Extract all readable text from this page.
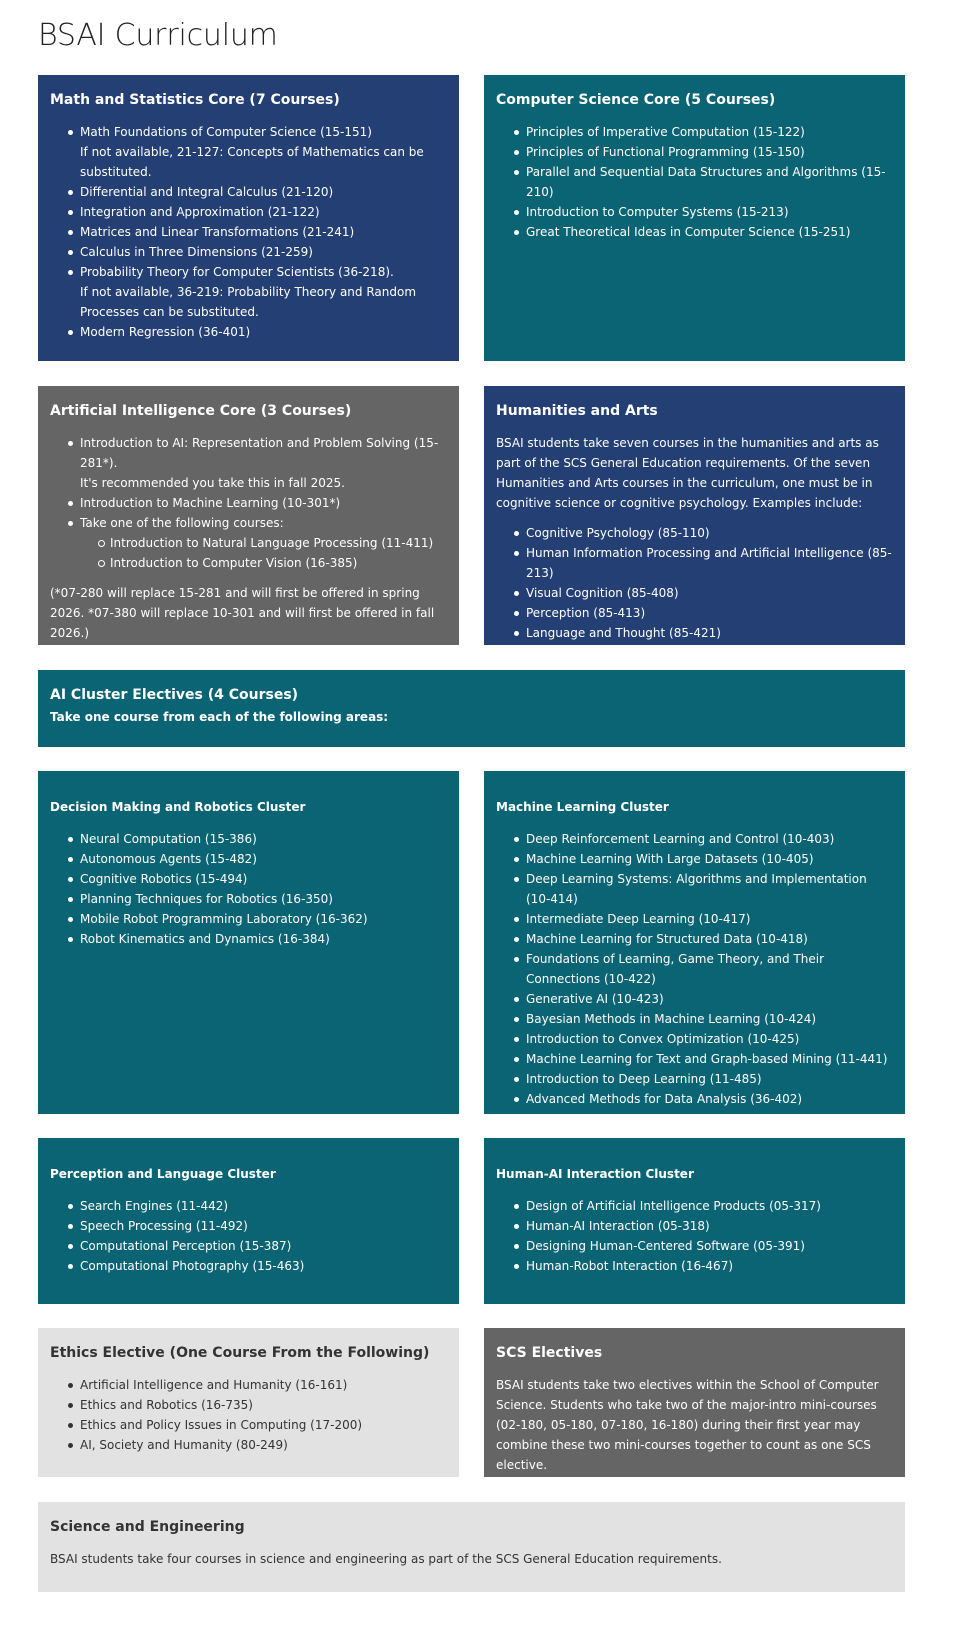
BSAI Curriculum
Math and Statistics Core (7 Courses)
Math Foundations of Computer Science (15-151)
If not available, 21-127: Concepts of Mathematics can be substituted.
Differential and Integral Calculus (21-120)
Integration and Approximation (21-122)
Matrices and Linear Transformations (21-241)
Calculus in Three Dimensions (21-259)
Probability Theory for Computer Scientists (36-218).
If not available, 36-219: Probability Theory and Random Processes can be substituted.
Modern Regression (36-401)
Computer Science Core (5 Courses)
Principles of Imperative Computation (15-122)
Principles of Functional Programming (15-150)
Parallel and Sequential Data Structures and Algorithms (15-210)
Introduction to Computer Systems (15-213)
Great Theoretical Ideas in Computer Science (15-251)
Artificial Intelligence Core (3 Courses)
Introduction to AI: Representation and Problem Solving (15-281*).
It's recommended you take this in fall 2025.
Introduction to Machine Learning (10-301*)
Take one of the following courses:
Introduction to Natural Language Processing (11-411)
Introduction to Computer Vision (16-385)

(*07-280 will replace 15-281 and will first be offered in spring 2026. *07-380 will replace 10-301 and will first be offered in fall 2026.)

Humanities and Arts

BSAI students take seven courses in the humanities and arts as part of the SCS General Education requirements. Of the seven Humanities and Arts courses in the curriculum, one must be in cognitive science or cognitive psychology. Examples include:

Cognitive Psychology (85-110)
Human Information Processing and Artificial Intelligence (85-213)
Visual Cognition (85-408)
Perception (85-413)
Language and Thought (85-421)
AI Cluster Electives (4 Courses)

Take one course from each of the following areas:

Decision Making and Robotics Cluster
Neural Computation (15-386)
Autonomous Agents (15-482)
Cognitive Robotics (15-494)
Planning Techniques for Robotics (16-350)
Mobile Robot Programming Laboratory (16-362)
Robot Kinematics and Dynamics (16-384)
Machine Learning Cluster
Deep Reinforcement Learning and Control (10-403)
Machine Learning With Large Datasets (10-405)
Deep Learning Systems: Algorithms and Implementation (10-414)
Intermediate Deep Learning (10-417)
Machine Learning for Structured Data (10-418)
Foundations of Learning, Game Theory, and Their Connections (10-422)
Generative AI (10-423)
Bayesian Methods in Machine Learning (10-424)
Introduction to Convex Optimization (10-425)
Machine Learning for Text and Graph-based Mining (11-441)
Introduction to Deep Learning (11-485)
Advanced Methods for Data Analysis (36-402)
Perception and Language Cluster
Search Engines (11-442)
Speech Processing (11-492)
Computational Perception (15-387)
Computational Photography (15-463)
Human-AI Interaction Cluster
Design of Artificial Intelligence Products (05-317)
Human-AI Interaction (05-318)
Designing Human-Centered Software (05-391)
Human-Robot Interaction (16-467)
Ethics Elective (One Course From the Following)
Artificial Intelligence and Humanity (16-161)
Ethics and Robotics (16-735)
Ethics and Policy Issues in Computing (17-200)
AI, Society and Humanity (80-249)
SCS Electives

BSAI students take two electives within the School of Computer Science. Students who take two of the major-intro mini-courses (02-180, 05-180, 07-180, 16-180) during their first year may combine these two mini-courses together to count as one SCS elective.

Science and Engineering

BSAI students take four courses in science and engineering as part of the SCS General Education requirements.
